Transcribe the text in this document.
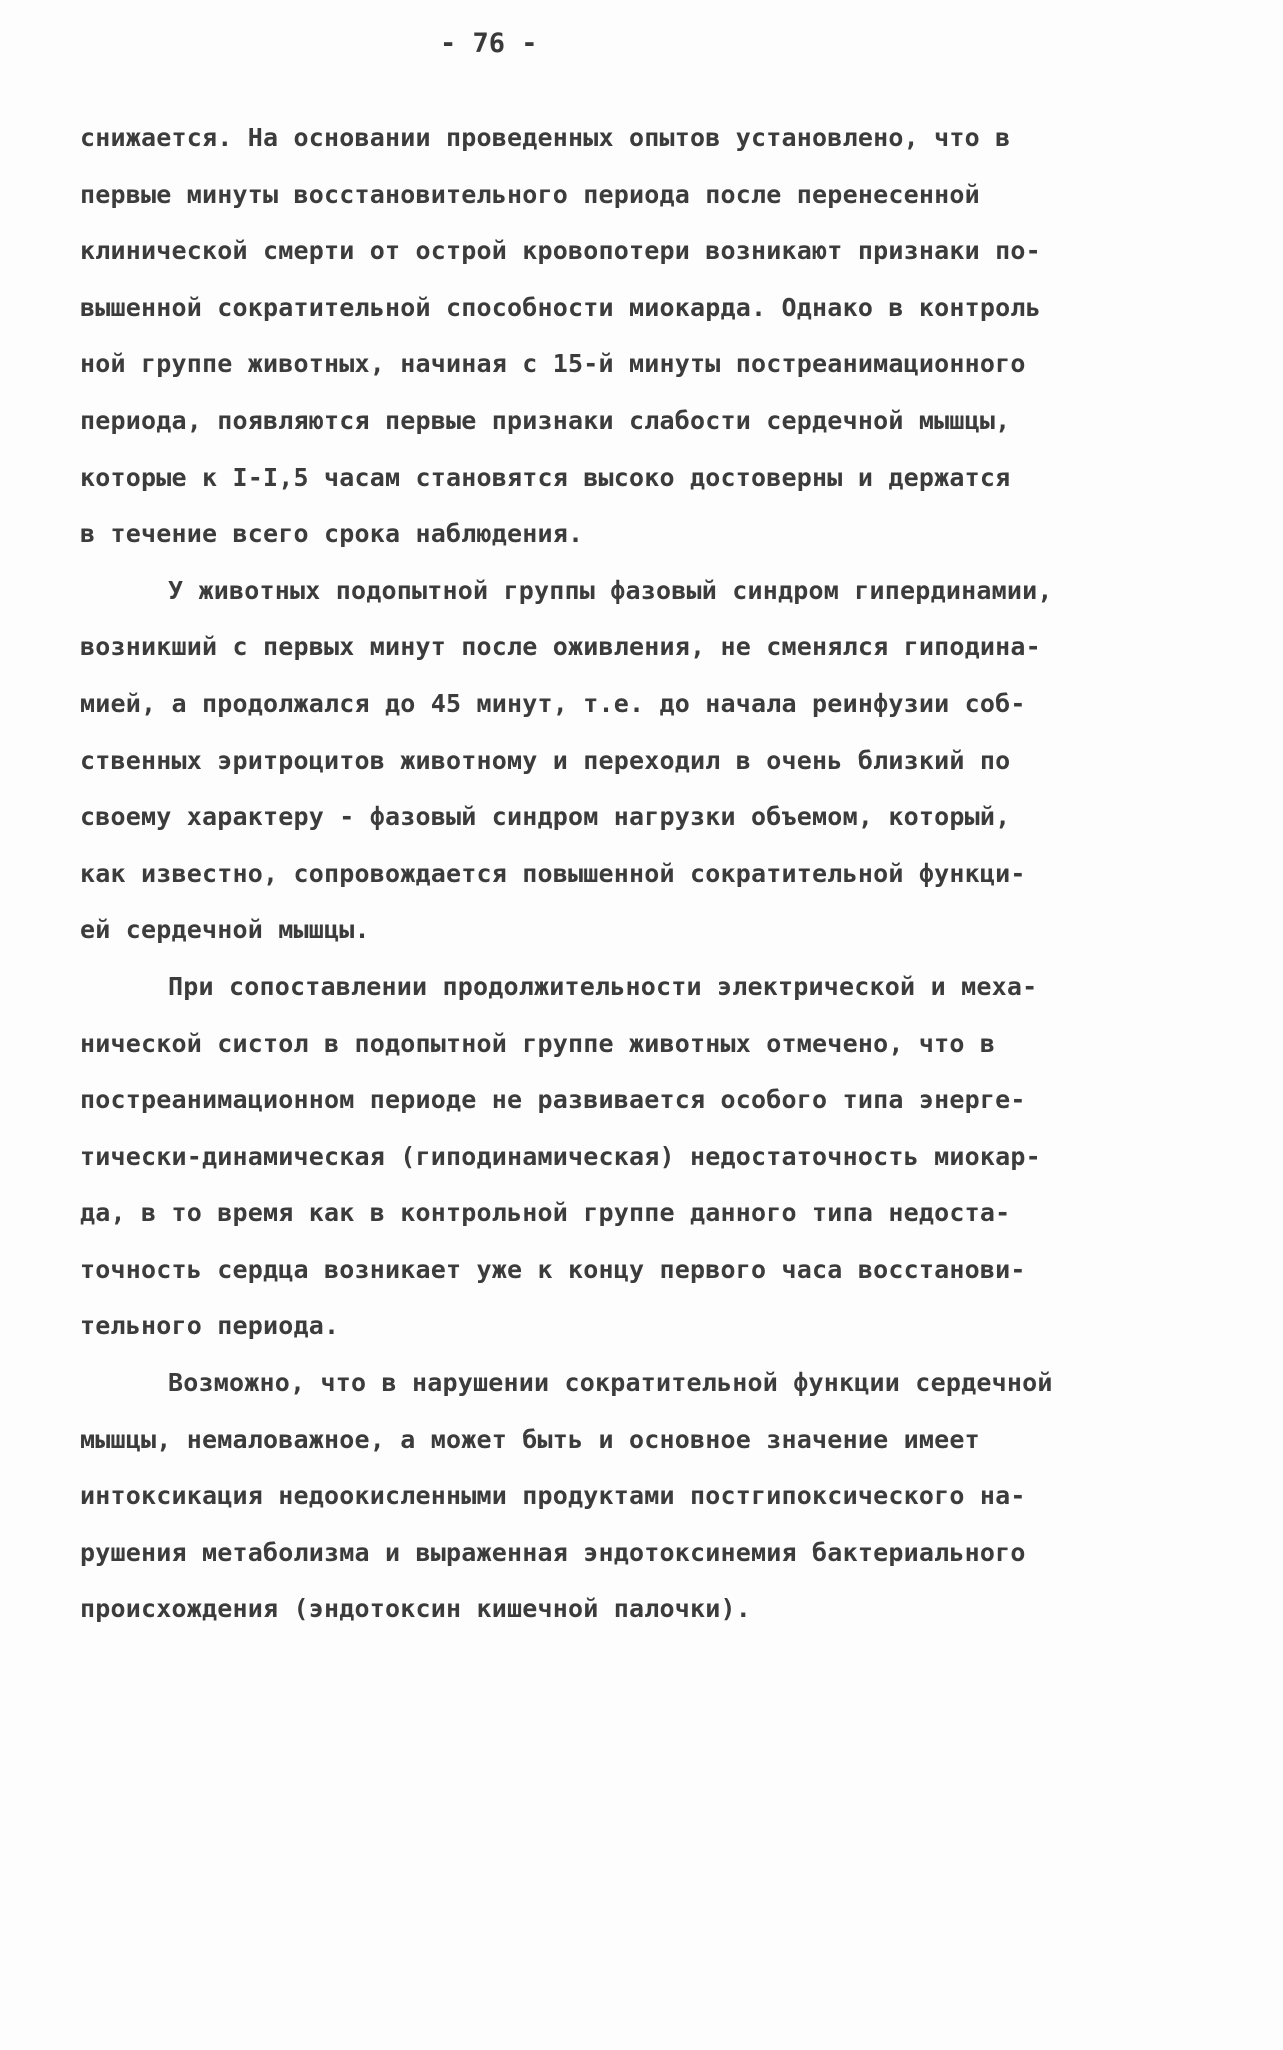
- 76 -
снижается. На основании проведенных опытов установлено, что в
первые минуты восстановительного периода после перенесенной
клинической смерти от острой кровопотери возникают признаки по-
вышенной сократительной способности миокарда. Однако в контроль
ной группе животных, начиная с 15-й минуты постреанимационного
периода, появляются первые признаки слабости сердечной мышцы,
которые к I-I,5 часам становятся высоко достоверны и держатся
в течение всего срока наблюдения.
У животных подопытной группы фазовый синдром гипердинамии,
возникший с первых минут после оживления, не сменялся гиподина-
мией, а продолжался до 45 минут, т.е. до начала реинфузии соб-
ственных эритроцитов животному и переходил в очень близкий по
своему характеру - фазовый синдром нагрузки объемом, который,
как известно, сопровождается повышенной сократительной функци-
ей сердечной мышцы.
При сопоставлении продолжительности электрической и меха-
нической систол в подопытной группе животных отмечено, что в
постреанимационном периоде не развивается особого типа энерге-
тически-динамическая (гиподинамическая) недостаточность миокар-
да, в то время как в контрольной группе данного типа недоста-
точность сердца возникает уже к концу первого часа восстанови-
тельного периода.
Возможно, что в нарушении сократительной функции сердечной
мышцы, немаловажное, а может быть и основное значение имеет
интоксикация недоокисленными продуктами постгипоксического на-
рушения метаболизма и выраженная эндотоксинемия бактериального
происхождения (эндотоксин кишечной палочки).
